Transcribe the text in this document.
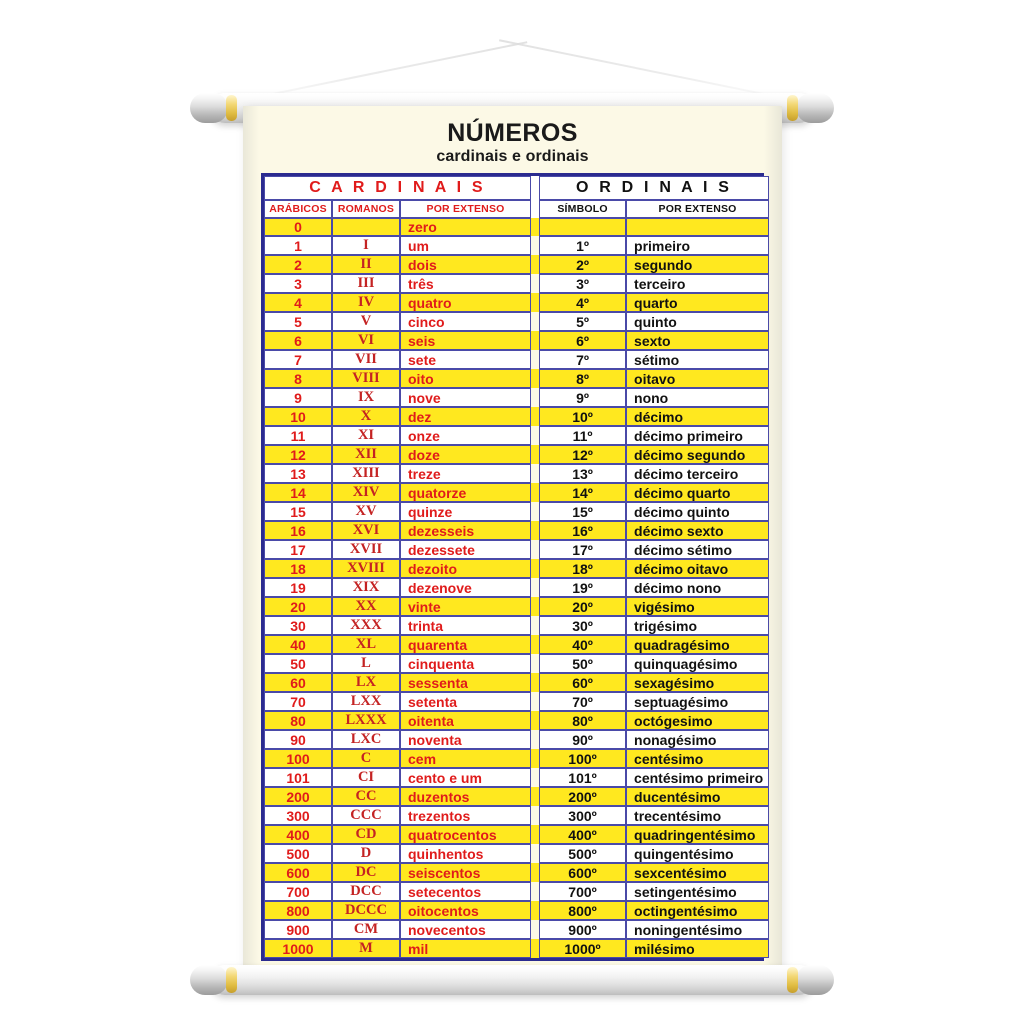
NÚMEROS
cardinais e ordinais
C A R D I N A I S				O R D I N A I S	
ARÁBICOS	ROMANOS	POR EXTENSO		SÍMBOLO	POR EXTENSO
0		zero			
1	I	um		1º	primeiro
2	II	dois		2º	segundo
3	III	três		3º	terceiro
4	IV	quatro		4º	quarto
5	V	cinco		5º	quinto
6	VI	seis		6º	sexto
7	VII	sete		7º	sétimo
8	VIII	oito		8º	oitavo
9	IX	nove		9º	nono
10	X	dez		10º	décimo
11	XI	onze		11º	décimo primeiro
12	XII	doze		12º	décimo segundo
13	XIII	treze		13º	décimo terceiro
14	XIV	quatorze		14º	décimo quarto
15	XV	quinze		15º	décimo quinto
16	XVI	dezesseis		16º	décimo sexto
17	XVII	dezessete		17º	décimo sétimo
18	XVIII	dezoito		18º	décimo oitavo
19	XIX	dezenove		19º	décimo nono
20	XX	vinte		20º	vigésimo
30	XXX	trinta		30º	trigésimo
40	XL	quarenta		40º	quadragésimo
50	L	cinquenta		50º	quinquagésimo
60	LX	sessenta		60º	sexagésimo
70	LXX	setenta		70º	septuagésimo
80	LXXX	oitenta		80º	octógesimo
90	LXC	noventa		90º	nonagésimo
100	C	cem		100º	centésimo
101	CI	cento e um		101º	centésimo primeiro
200	CC	duzentos		200º	ducentésimo
300	CCC	trezentos		300º	trecentésimo
400	CD	quatrocentos		400º	quadringentésimo
500	D	quinhentos		500º	quingentésimo
600	DC	seiscentos		600º	sexcentésimo
700	DCC	setecentos		700º	setingentésimo
800	DCCC	oitocentos		800º	octingentésimo
900	CM	novecentos		900º	noningentésimo
1000	M	mil		1000º	milésimo
